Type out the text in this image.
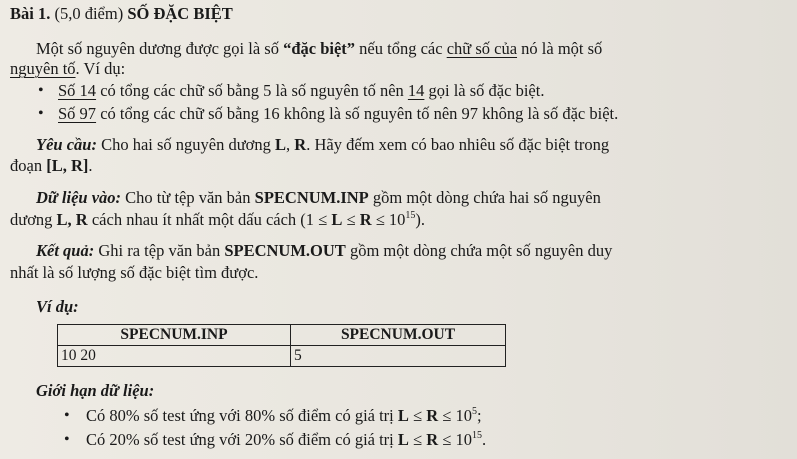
Bài 1. (5,0 điểm) SỐ ĐẶC BIỆT
Một số nguyên dương được gọi là số “đặc biệt” nếu tổng các chữ số của nó là một số
nguyên tố. Ví dụ:
• Số 14 có tổng các chữ số bằng 5 là số nguyên tố nên 14 gọi là số đặc biệt.
• Số 97 có tổng các chữ số bằng 16 không là số nguyên tố nên 97 không là số đặc biệt.
Yêu cầu: Cho hai số nguyên dương L, R. Hãy đếm xem có bao nhiêu số đặc biệt trong
đoạn [L, R].
Dữ liệu vào: Cho từ tệp văn bản SPECNUM.INP gồm một dòng chứa hai số nguyên
dương L, R cách nhau ít nhất một dấu cách $(1 \le L \le R \le 10^{15})$.
Kết quả: Ghi ra tệp văn bản SPECNUM.OUT gồm một dòng chứa một số nguyên duy
nhất là số lượng số đặc biệt tìm được.
Ví dụ:
SPECNUM.INP	SPECNUM.OUT
10 20	5
Giới hạn dữ liệu:
• Có 80% số test ứng với 80% số điểm có giá trị $L \le R \le 10^5$;
• Có 20% số test ứng với 20% số điểm có giá trị $L \le R \le 10^{15}$.
